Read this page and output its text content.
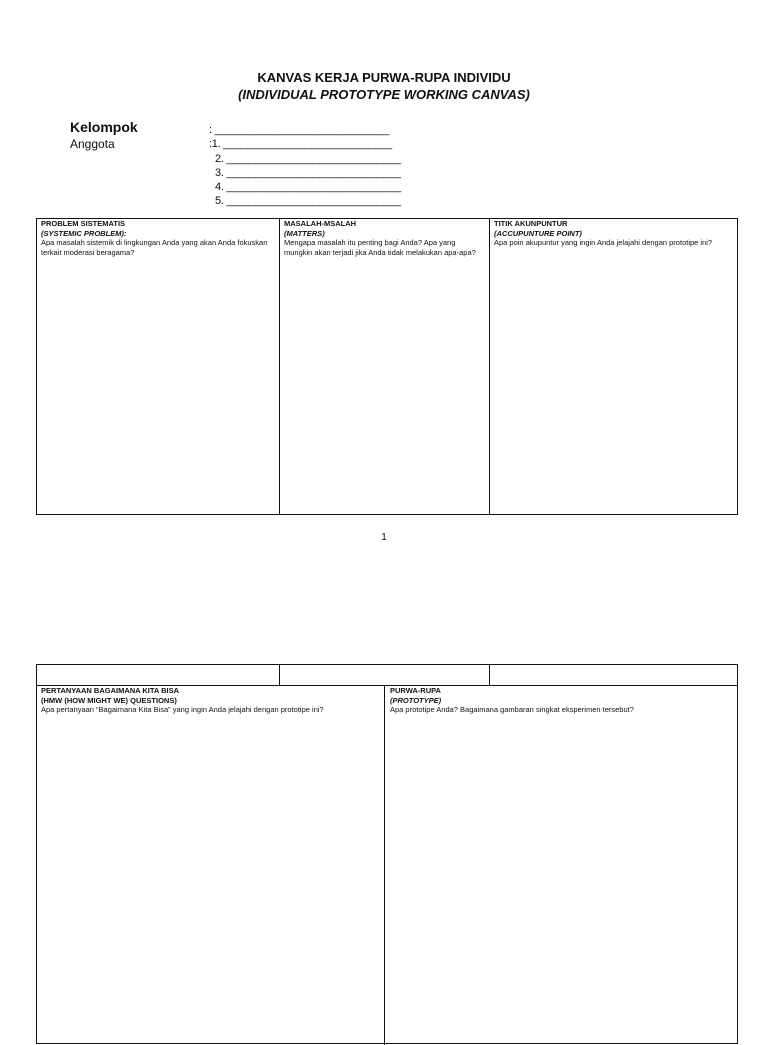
KANVAS KERJA PURWA-RUPA INDIVIDU
(INDIVIDUAL PROTOTYPE WORKING CANVAS)
Kelompok
Anggota
: ______________________________
:1. _____________________________
2. ______________________________
3. ______________________________
4. ______________________________
5. ______________________________
PROBLEM SISTEMATIS
(SYSTEMIC PROBLEM):
Apa masalah sistemik di lingkungan Anda yang akan Anda fokuskan terkait moderasi beragama?
MASALAH-MSALAH
(MATTERS)
Mengapa masalah itu penting bagi Anda? Apa yang mungkin akan terjadi jika Anda tidak melakukan apa-apa?
TITIK AKUNPUNTUR
(ACCUPUNTURE POINT)
Apa poin akupuntur yang ingin Anda jelajahi dengan prototipe ini?
1
PERTANYAAN BAGAIMANA KITA BISA
(HMW (HOW MIGHT WE) QUESTIONS)
Apa pertanyaan “Bagaimana Kita Bisa” yang ingin Anda jelajahi dengan prototipe ini?
PURWA-RUPA
(PROTOTYPE)
Apa prototipe Anda? Bagaimana gambaran singkat eksperimen tersebut?
